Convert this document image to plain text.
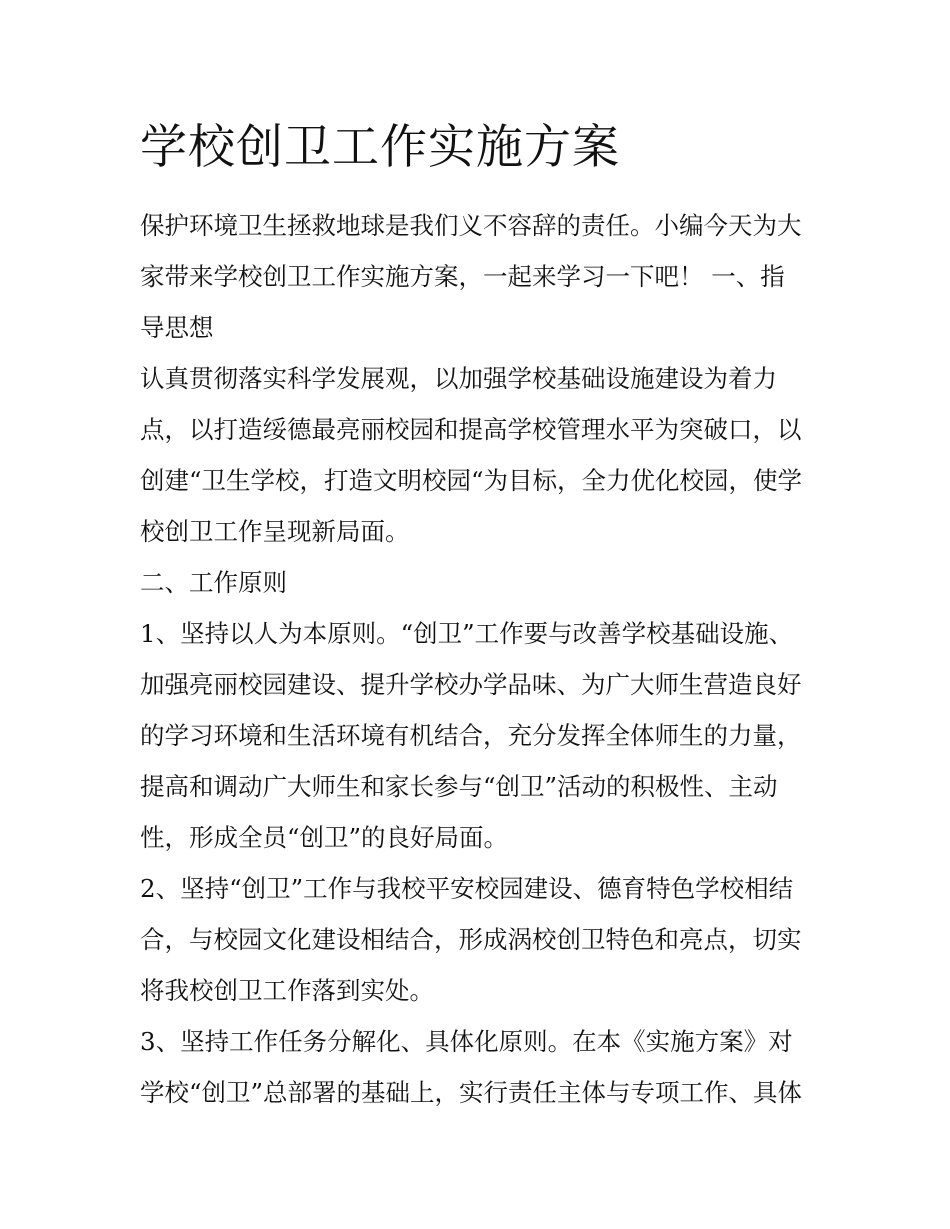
学校创卫工作实施方案
保护环境卫生拯救地球是我们义不容辞的责任。小编今天为大
家带来学校创卫工作实施方案，一起来学习一下吧！ 一、指
导思想
认真贯彻落实科学发展观，以加强学校基础设施建设为着力
点，以打造绥德最亮丽校园和提高学校管理水平为突破口，以
创建“卫生学校，打造文明校园“为目标，全力优化校园，使学
校创卫工作呈现新局面。
二、工作原则
1、坚持以人为本原则。“创卫”工作要与改善学校基础设施、
加强亮丽校园建设、提升学校办学品味、为广大师生营造良好
的学习环境和生活环境有机结合，充分发挥全体师生的力量，
提高和调动广大师生和家长参与“创卫”活动的积极性、主动
性，形成全员“创卫”的良好局面。
2、坚持“创卫”工作与我校平安校园建设、德育特色学校相结
合，与校园文化建设相结合，形成涡校创卫特色和亮点，切实
将我校创卫工作落到实处。
3、坚持工作任务分解化、具体化原则。在本《实施方案》对
学校“创卫”总部署的基础上，实行责任主体与专项工作、具体
